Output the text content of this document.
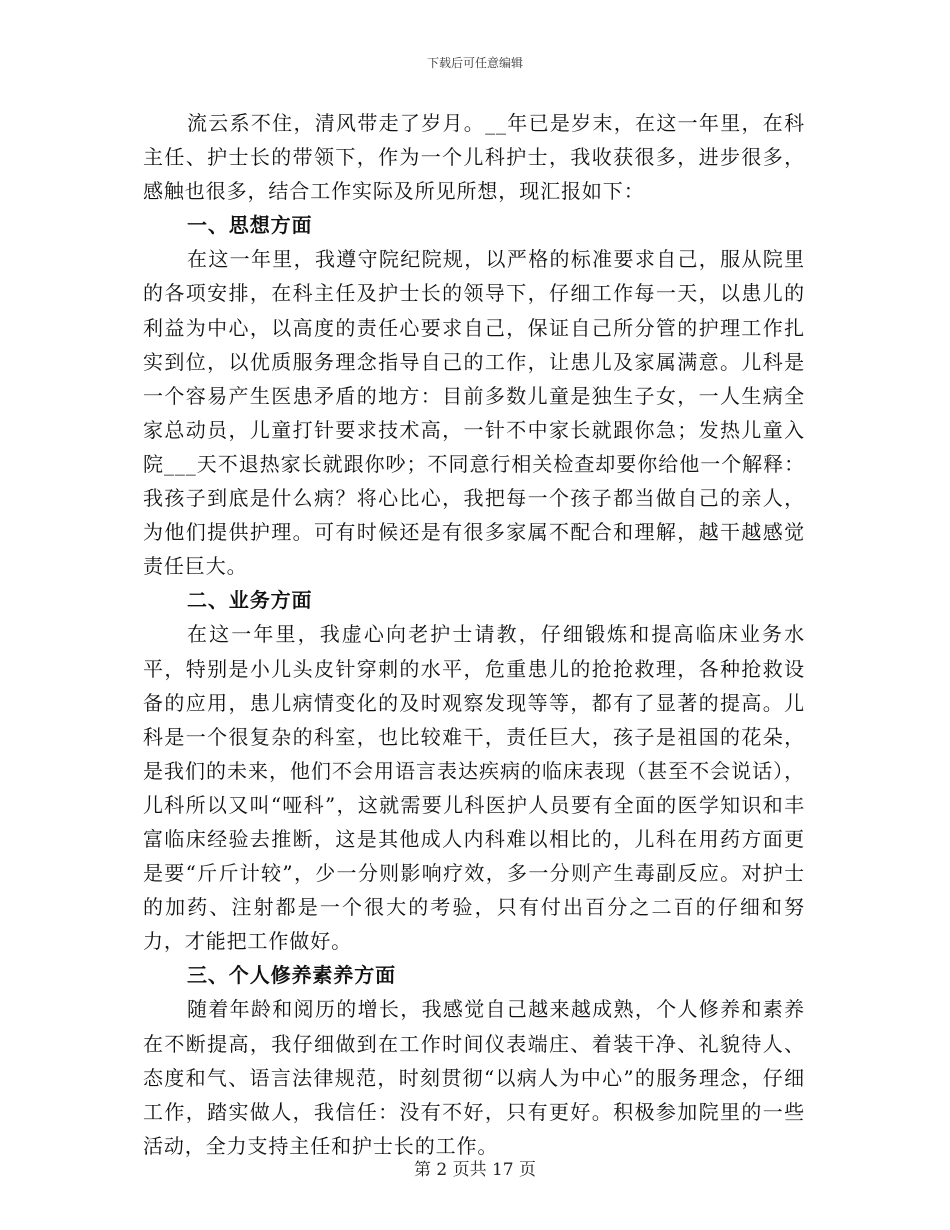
下载后可任意编辑

流云系不住，清风带走了岁月。__年已是岁末，在这一年里，在科主任、护士长的带领下，作为一个儿科护士，我收获很多，进步很多，感触也很多，结合工作实际及所见所想，现汇报如下：

一、思想方面

在这一年里，我遵守院纪院规，以严格的标准要求自己，服从院里的各项安排，在科主任及护士长的领导下，仔细工作每一天，以患儿的利益为中心，以高度的责任心要求自己，保证自己所分管的护理工作扎实到位，以优质服务理念指导自己的工作，让患儿及家属满意。儿科是一个容易产生医患矛盾的地方：目前多数儿童是独生子女，一人生病全家总动员，儿童打针要求技术高，一针不中家长就跟你急；发热儿童入院___天不退热家长就跟你吵；不同意行相关检查却要你给他一个解释：我孩子到底是什么病？将心比心，我把每一个孩子都当做自己的亲人，为他们提供护理。可有时候还是有很多家属不配合和理解，越干越感觉责任巨大。

二、业务方面

在这一年里，我虚心向老护士请教，仔细锻炼和提高临床业务水平，特别是小儿头皮针穿刺的水平，危重患儿的抢抢救理，各种抢救设备的应用，患儿病情变化的及时观察发现等等，都有了显著的提高。儿科是一个很复杂的科室，也比较难干，责任巨大，孩子是祖国的花朵，是我们的未来，他们不会用语言表达疾病的临床表现（甚至不会说话），儿科所以又叫“哑科”，这就需要儿科医护人员要有全面的医学知识和丰富临床经验去推断，这是其他成人内科难以相比的，儿科在用药方面更是要“斤斤计较”，少一分则影响疗效，多一分则产生毒副反应。对护士的加药、注射都是一个很大的考验，只有付出百分之二百的仔细和努力，才能把工作做好。

三、个人修养素养方面

随着年龄和阅历的增长，我感觉自己越来越成熟，个人修养和素养在不断提高，我仔细做到在工作时间仪表端庄、着装干净、礼貌待人、态度和气、语言法律规范，时刻贯彻“以病人为中心”的服务理念，仔细工作，踏实做人，我信任：没有不好，只有更好。积极参加院里的一些活动，全力支持主任和护士长的工作。

第 2 页共 17 页
